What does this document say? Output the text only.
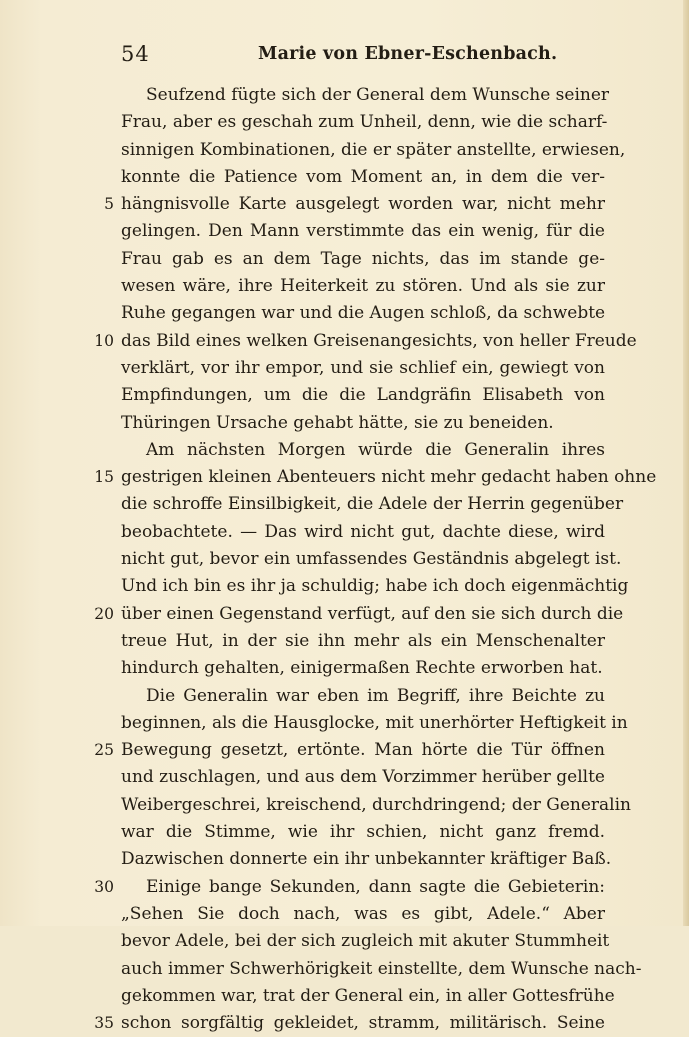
54	Marie von Ebner-Eschenbach.
Seufzend fügte sich der General dem Wunsche seiner
Frau, aber es geschah zum Unheil, denn, wie die scharf-
sinnigen Kombinationen, die er später anstellte, erwiesen,
konnte die Patience vom Moment an, in dem die ver-
5 hängnisvolle Karte ausgelegt worden war, nicht mehr
gelingen. Den Mann verstimmte das ein wenig, für die
Frau gab es an dem Tage nichts, das im stande ge-
wesen wäre, ihre Heiterkeit zu stören. Und als sie zur
Ruhe gegangen war und die Augen schloß, da schwebte
10 das Bild eines welken Greisenangesichts, von heller Freude
verklärt, vor ihr empor, und sie schlief ein, gewiegt von
Empfindungen, um die die Landgräfin Elisabeth von
Thüringen Ursache gehabt hätte, sie zu beneiden.
Am nächsten Morgen würde die Generalin ihres
15 gestrigen kleinen Abenteuers nicht mehr gedacht haben ohne
die schroffe Einsilbigkeit, die Adele der Herrin gegenüber
beobachtete. — Das wird nicht gut, dachte diese, wird
nicht gut, bevor ein umfassendes Geständnis abgelegt ist.
Und ich bin es ihr ja schuldig; habe ich doch eigenmächtig
20 über einen Gegenstand verfügt, auf den sie sich durch die
treue Hut, in der sie ihn mehr als ein Menschenalter
hindurch gehalten, einigermaßen Rechte erworben hat.
Die Generalin war eben im Begriff, ihre Beichte zu
beginnen, als die Hausglocke, mit unerhörter Heftigkeit in
25 Bewegung gesetzt, ertönte. Man hörte die Tür öffnen
und zuschlagen, und aus dem Vorzimmer herüber gellte
Weibergeschrei, kreischend, durchdringend; der Generalin
war die Stimme, wie ihr schien, nicht ganz fremd.
Dazwischen donnerte ein ihr unbekannter kräftiger Baß.
30 Einige bange Sekunden, dann sagte die Gebieterin:
„Sehen Sie doch nach, was es gibt, Adele.“ Aber
bevor Adele, bei der sich zugleich mit akuter Stummheit
auch immer Schwerhörigkeit einstellte, dem Wunsche nach-
gekommen war, trat der General ein, in aller Gottesfrühe
35 schon sorgfältig gekleidet, stramm, militärisch. Seine
